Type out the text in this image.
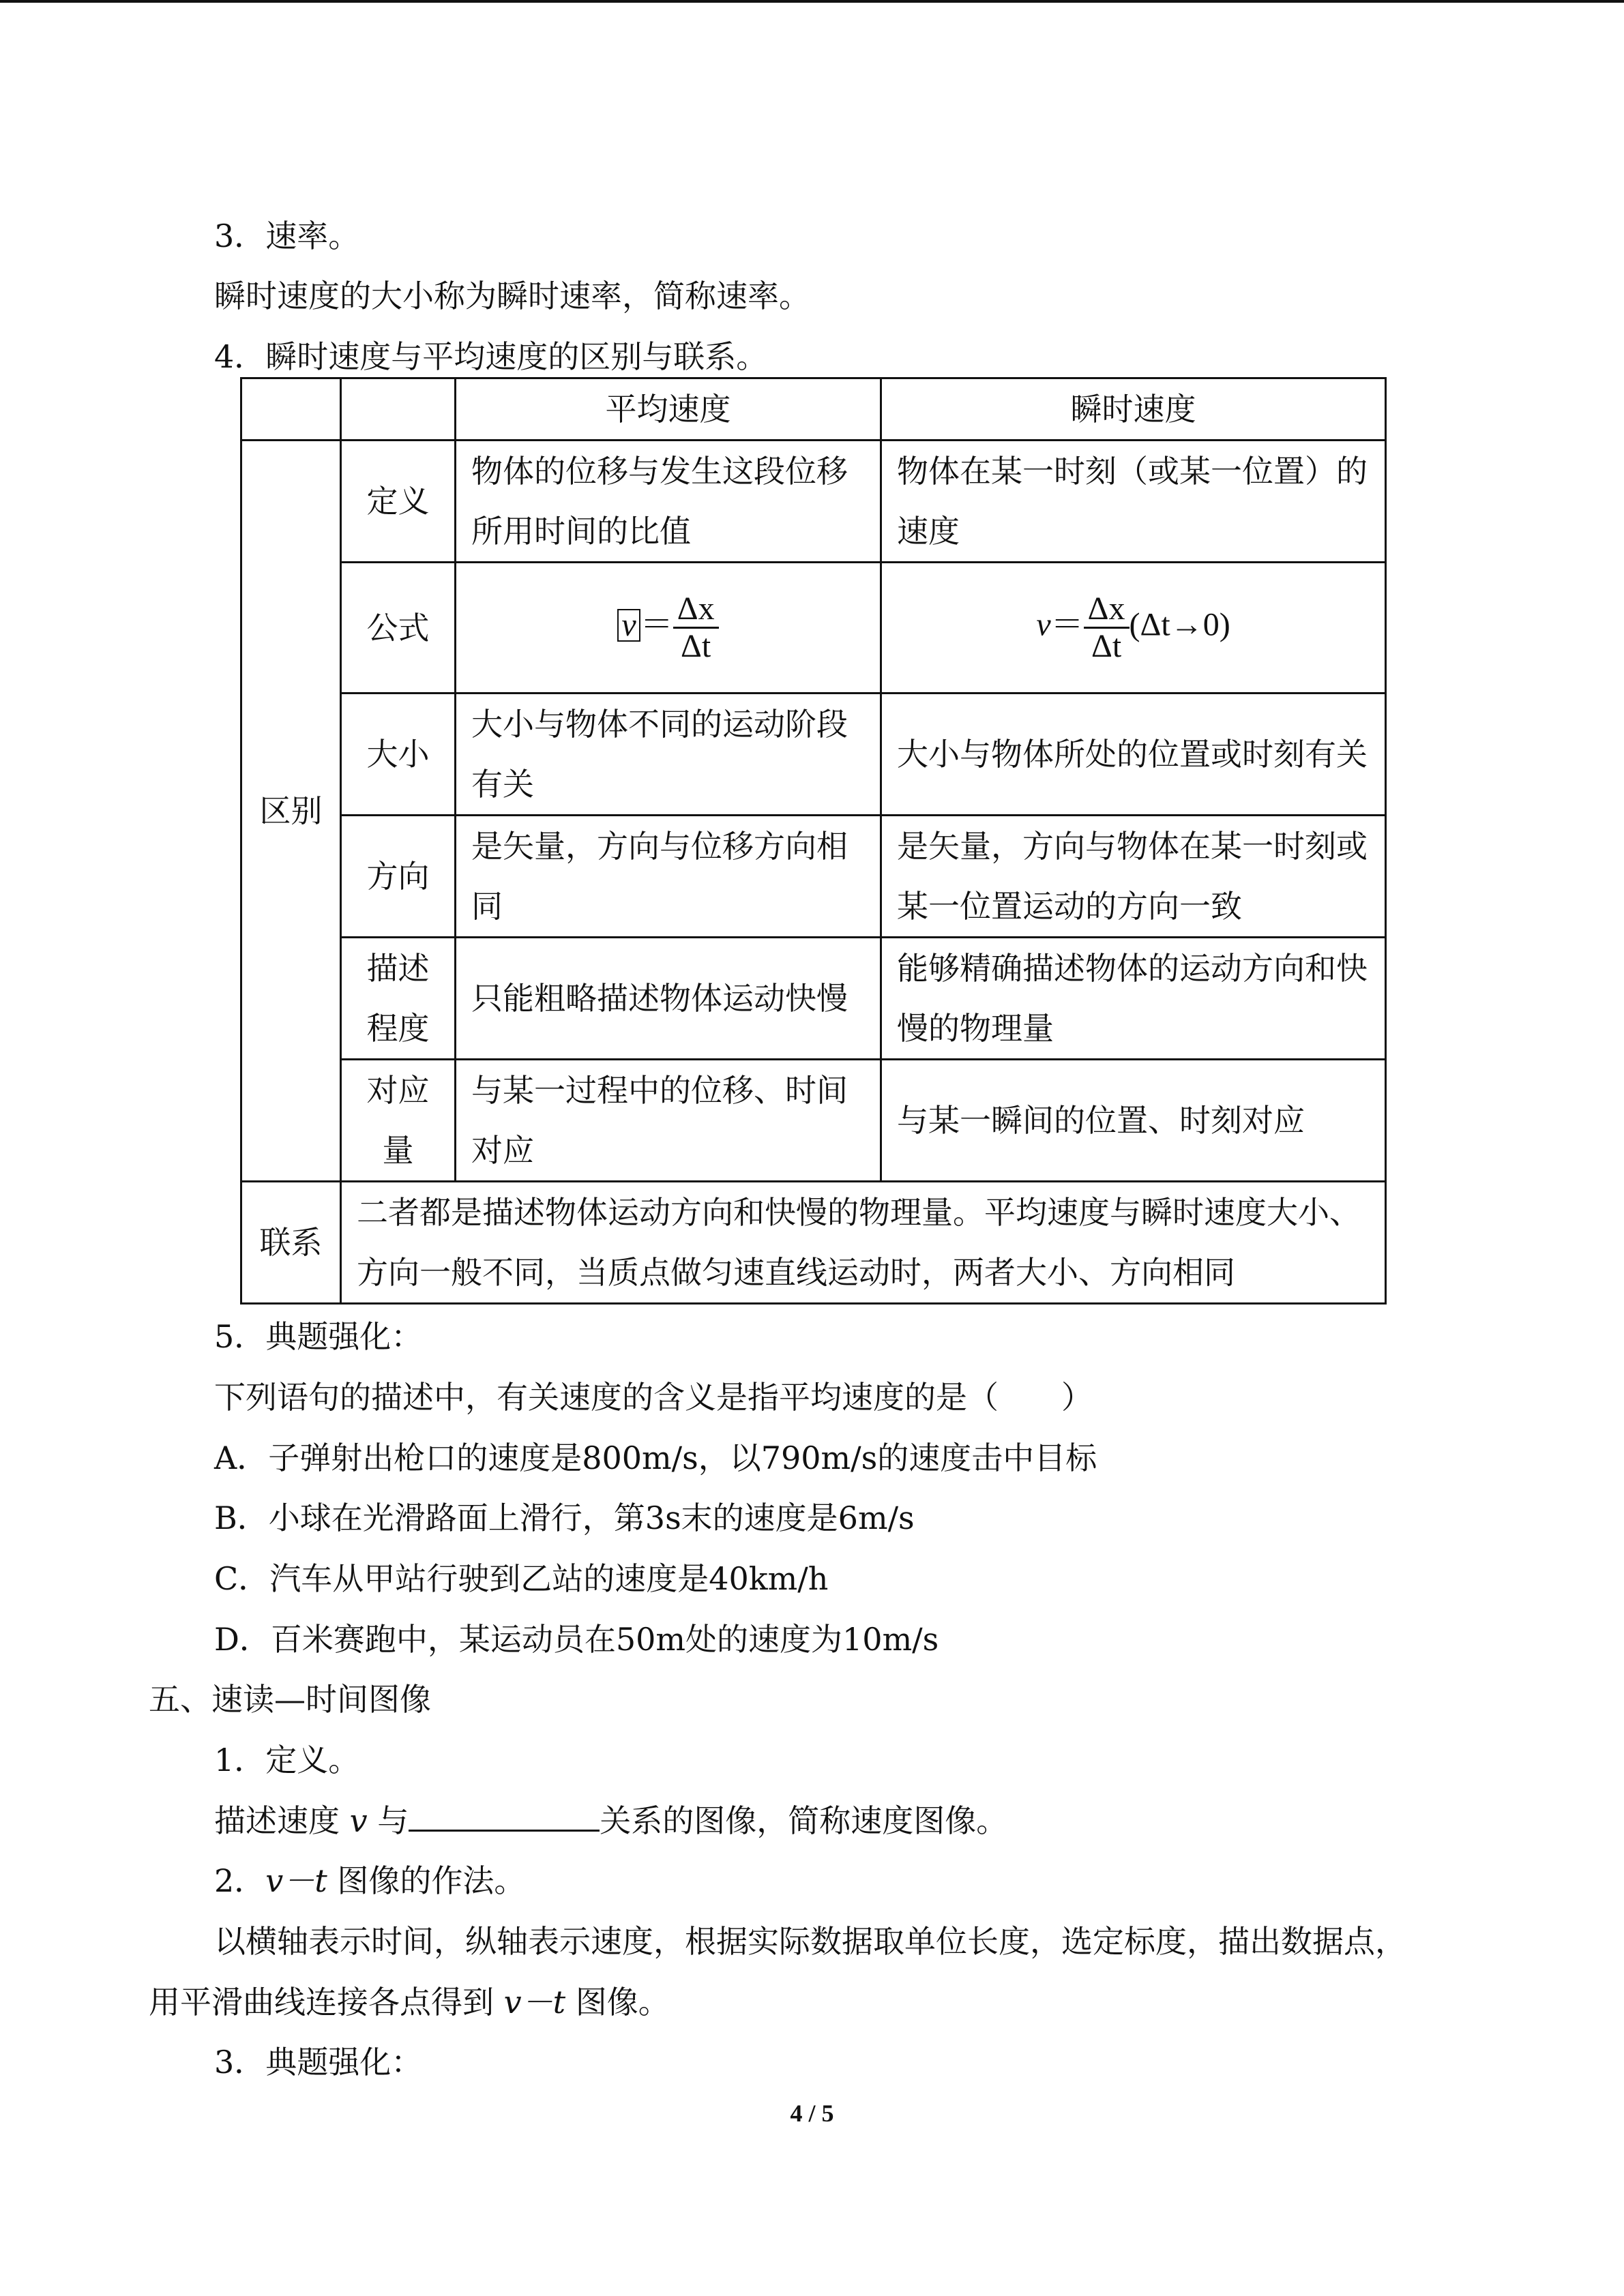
3．速率。
瞬时速度的大小称为瞬时速率，简称速率。
4．瞬时速度与平均速度的区别与联系。
		平均速度	瞬时速度
区别	定义	物体的位移与发生这段位移所用时间的比值	物体在某一时刻（或某一位置）的速度
	公式	$v = \frac{\Delta x}{\Delta t}$	$v= \frac{\Delta x}{\Delta t} (\Delta t\to 0)$
	大小	大小与物体不同的运动阶段有关	大小与物体所处的位置或时刻有关
	方向	是矢量，方向与位移方向相同	是矢量，方向与物体在某一时刻或某一位置运动的方向一致
	描述程度	只能粗略描述物体运动快慢	能够精确描述物体的运动方向和快慢的物理量
	对应量	与某一过程中的位移、时间对应	与某一瞬间的位置、时刻对应
联系	二者都是描述物体运动方向和快慢的物理量。平均速度与瞬时速度大小、方向一般不同，当质点做匀速直线运动时，两者大小、方向相同		
5．典题强化：
下列语句的描述中，有关速度的含义是指平均速度的是（　　）
A．子弹射出枪口的速度是800m/s，以790m/s的速度击中目标
B．小球在光滑路面上滑行，第3s末的速度是6m/s
C．汽车从甲站行驶到乙站的速度是40km/h
D．百米赛跑中，某运动员在50m处的速度为10m/s
五、速读—时间图像
1．定义。
描述速度 v 与	关系的图像，简称速度图像。
2．v－t 图像的作法。
以横轴表示时间，纵轴表示速度，根据实际数据取单位长度，选定标度，描出数据点，
用平滑曲线连接各点得到 v－t 图像。
3．典题强化：
4 / 5
